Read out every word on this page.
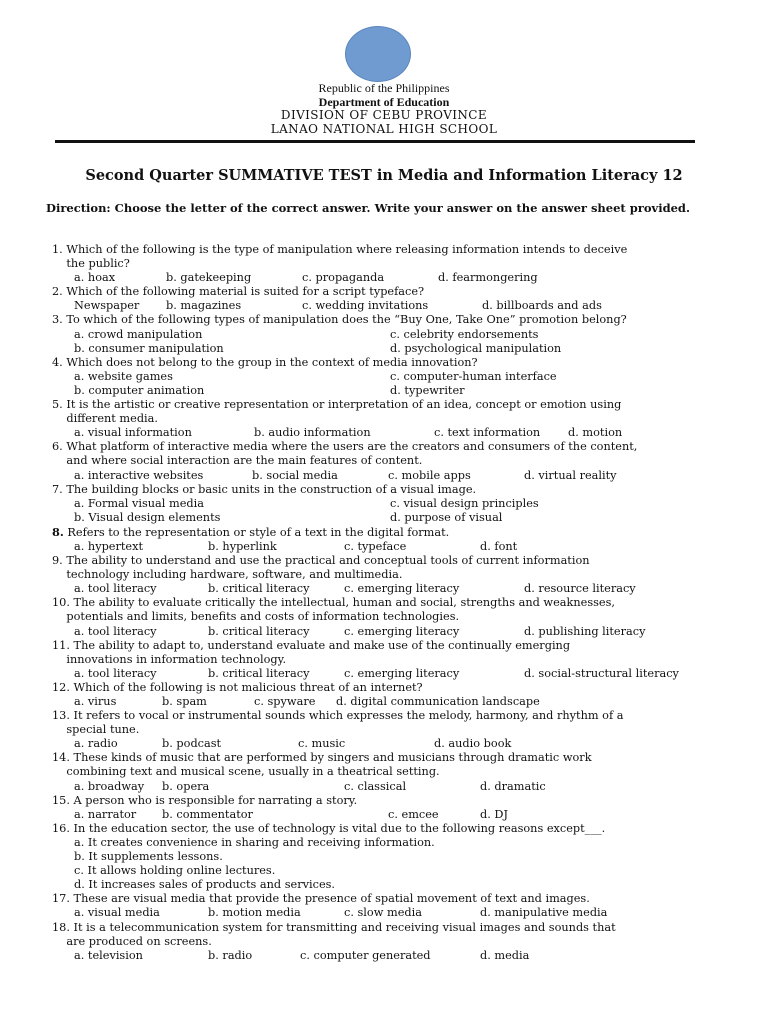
Republic of the Philippines
Department of Education
DIVISION OF CEBU PROVINCE
LANAO NATIONAL HIGH SCHOOL
Second Quarter SUMMATIVE TEST in Media and Information Literacy 12
Direction: Choose the letter of the correct answer. Write your answer on the answer sheet provided.
1. Which of the following is the type of manipulation where releasing information intends to deceive
the public?
a. hoax	b. gatekeeping	c. propaganda	d. fearmongering
2. Which of the following material is suited for a script typeface?
Newspaper	b. magazines	c. wedding invitations	d. billboards and ads
3. To which of the following types of manipulation does the “Buy One, Take One” promotion belong?
a. crowd manipulation	c. celebrity endorsements
b. consumer manipulation	d. psychological manipulation
4. Which does not belong to the group in the context of media innovation?
a. website games	c. computer-human interface
b. computer animation	d. typewriter
5. It is the artistic or creative representation or interpretation of an idea, concept or emotion using
different media.
a. visual information	b. audio information	c. text information	d. motion
6. What platform of interactive media where the users are the creators and consumers of the content,
and where social interaction are the main features of content.
a. interactive websites	b. social media	c. mobile apps	d. virtual reality
7. The building blocks or basic units in the construction of a visual image.
a. Formal visual media	c. visual design principles
b. Visual design elements	d. purpose of visual
8. Refers to the representation or style of a text in the digital format.
a. hypertext	b. hyperlink	c. typeface	d. font
9. The ability to understand and use the practical and conceptual tools of current information
technology including hardware, software, and multimedia.
a. tool literacy	b. critical literacy	c. emerging literacy	d. resource literacy
10. The ability to evaluate critically the intellectual, human and social, strengths and weaknesses,
potentials and limits, benefits and costs of information technologies.
a. tool literacy	b. critical literacy	c. emerging literacy	d. publishing literacy
11. The ability to adapt to, understand evaluate and make use of the continually emerging
innovations in information technology.
a. tool literacy	b. critical literacy	c. emerging literacy	d. social-structural literacy
12. Which of the following is not malicious threat of an internet?
a. virus	b. spam	c. spyware	d. digital communication landscape
13. It refers to vocal or instrumental sounds which expresses the melody, harmony, and rhythm of a
special tune.
a. radio	b. podcast	c. music	d. audio book
14. These kinds of music that are performed by singers and musicians through dramatic work
combining text and musical scene, usually in a theatrical setting.
a. broadway	b. opera	c. classical	d. dramatic
15. A person who is responsible for narrating a story.
a. narrator	b. commentator	c. emcee	d. DJ
16. In the education sector, the use of technology is vital due to the following reasons except___.
a. It creates convenience in sharing and receiving information.
b. It supplements lessons.
c. It allows holding online lectures.
d. It increases sales of products and services.
17. These are visual media that provide the presence of spatial movement of text and images.
a. visual media	b. motion media	c. slow media	d. manipulative media
18. It is a telecommunication system for transmitting and receiving visual images and sounds that
are produced on screens.
a. television	b. radio	c. computer generated	d. media
